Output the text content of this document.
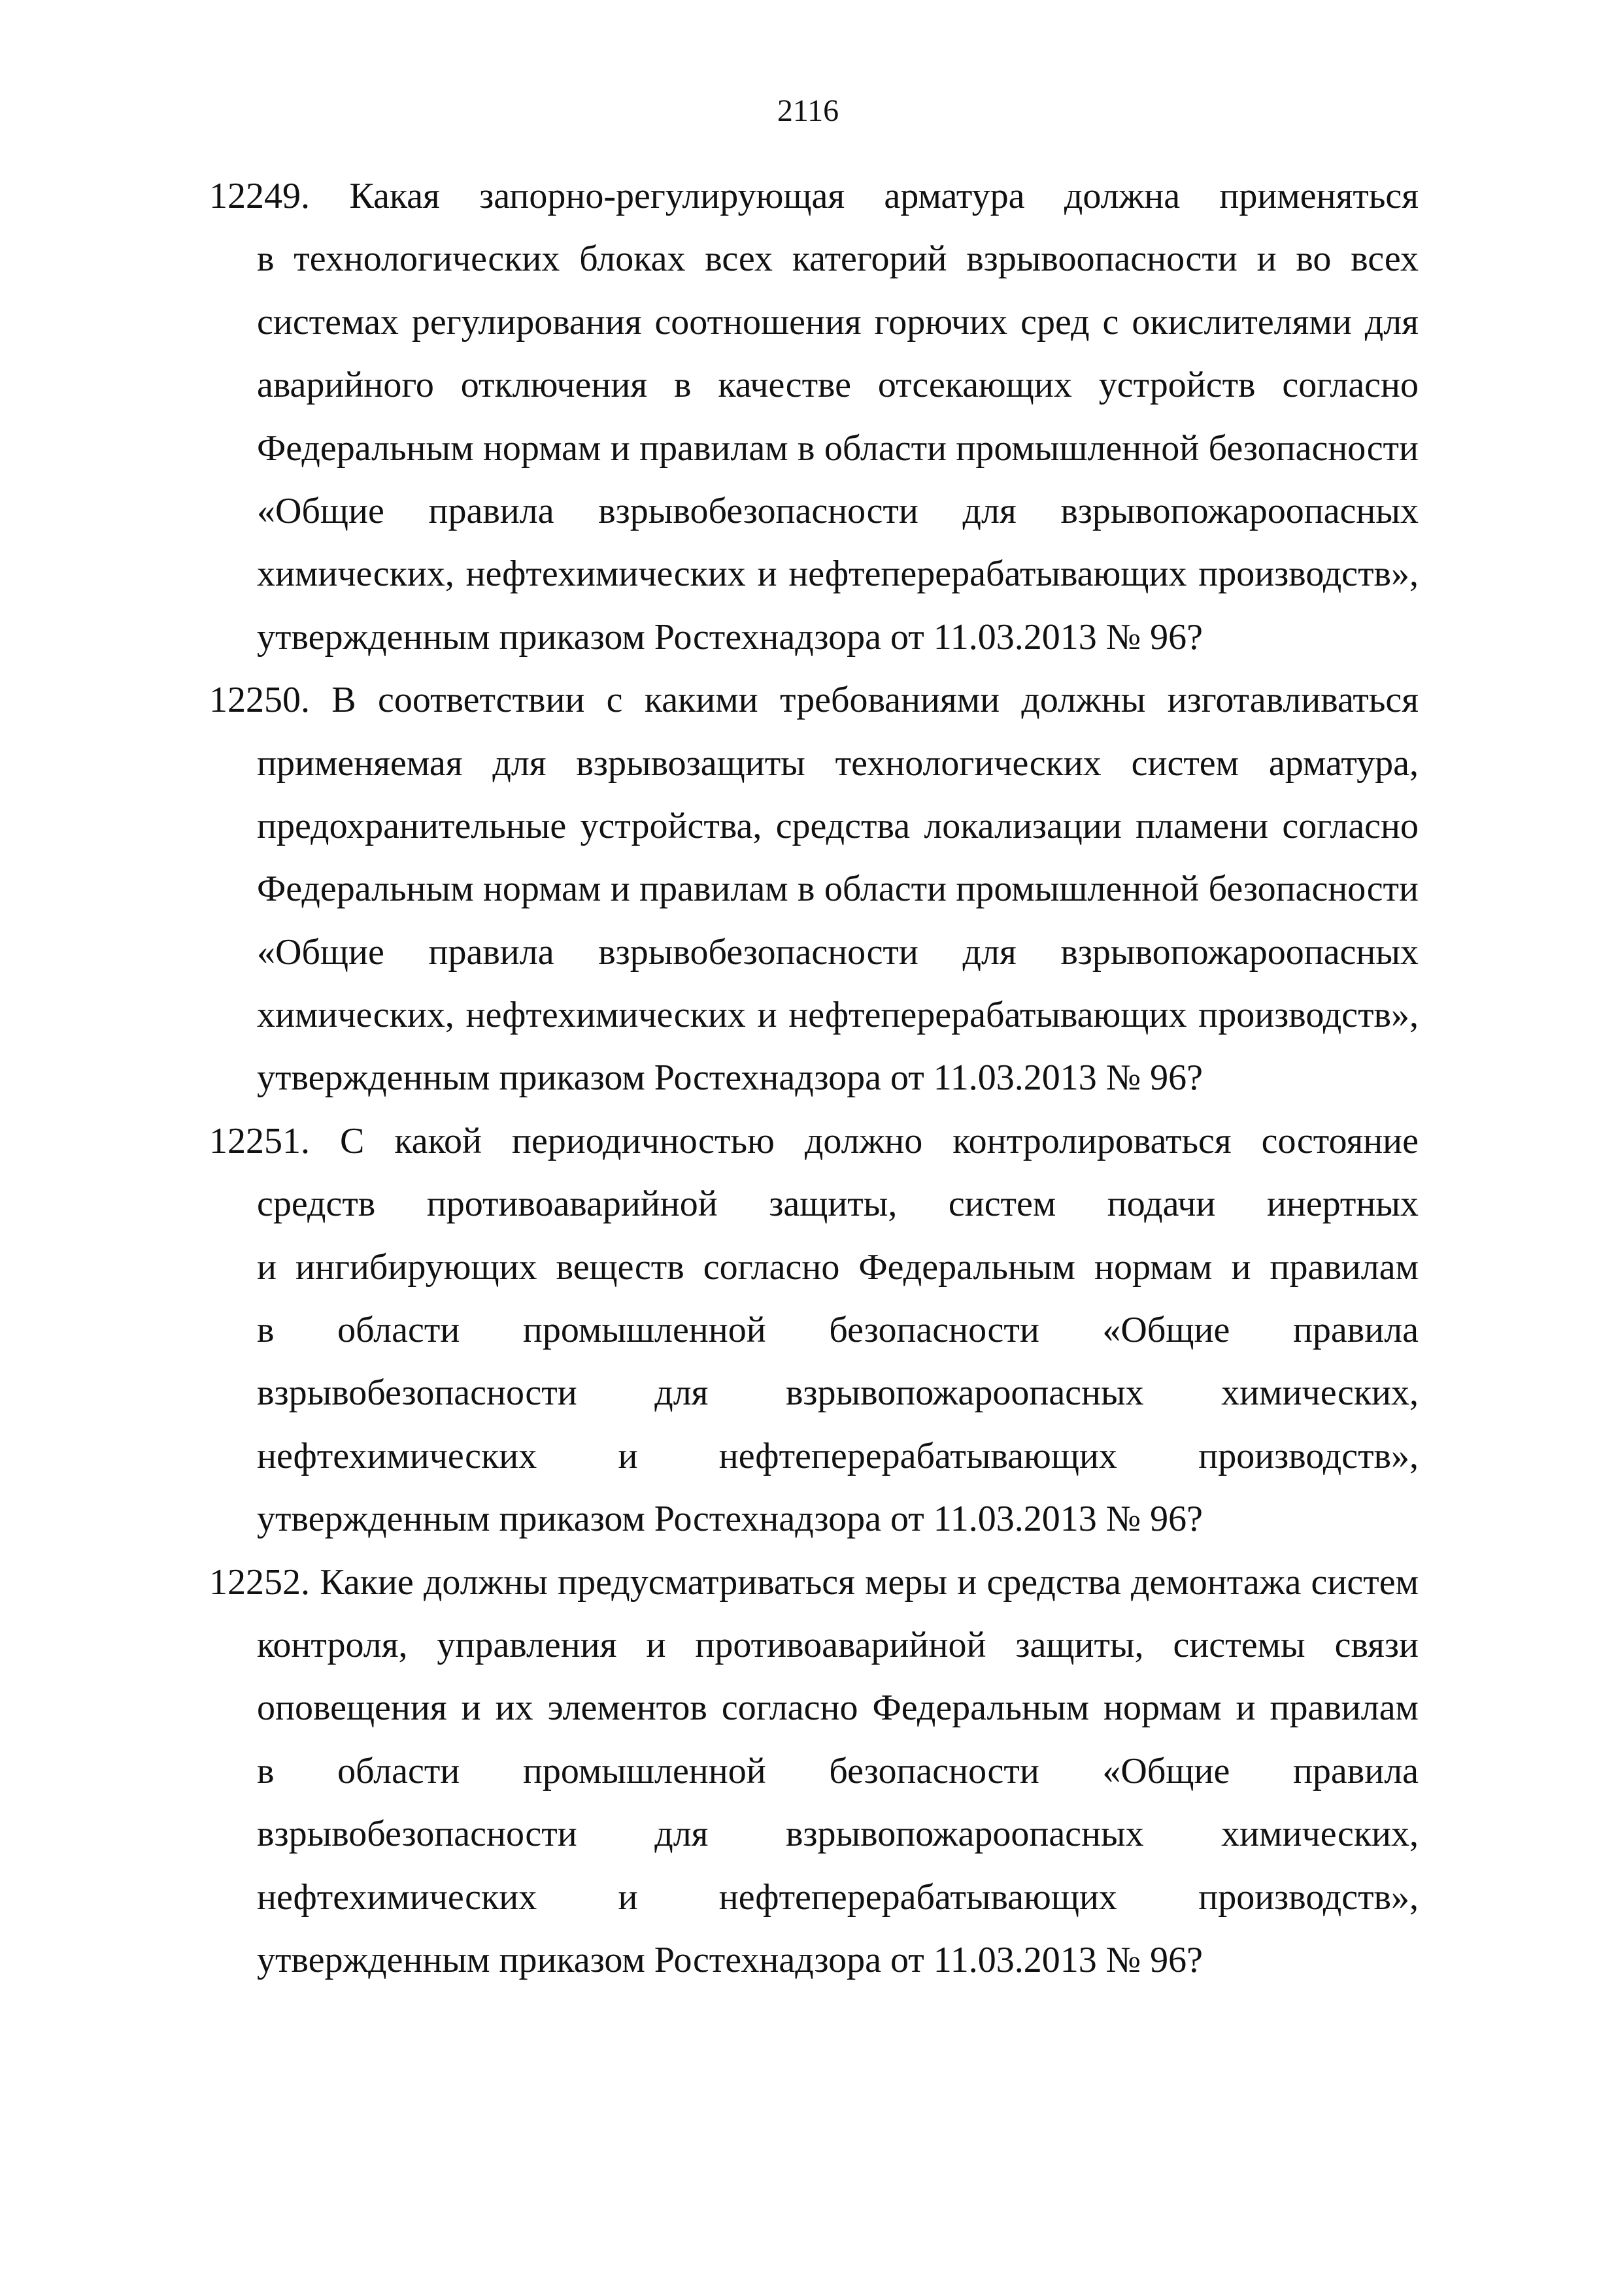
2116
12249. Какая запорно-регулирующая арматура должна применяться
в технологических блоках всех категорий взрывоопасности и во всех
системах регулирования соотношения горючих сред с окислителями для
аварийного отключения в качестве отсекающих устройств согласно
Федеральным нормам и правилам в области промышленной безопасности
«Общие правила взрывобезопасности для взрывопожароопасных
химических, нефтехимических и нефтеперерабатывающих производств»,
утвержденным приказом Ростехнадзора от 11.03.2013 № 96?
12250. В соответствии с какими требованиями должны изготавливаться
применяемая для взрывозащиты технологических систем арматура,
предохранительные устройства, средства локализации пламени согласно
Федеральным нормам и правилам в области промышленной безопасности
«Общие правила взрывобезопасности для взрывопожароопасных
химических, нефтехимических и нефтеперерабатывающих производств»,
утвержденным приказом Ростехнадзора от 11.03.2013 № 96?
12251. С какой периодичностью должно контролироваться состояние
средств противоаварийной защиты, систем подачи инертных
и ингибирующих веществ согласно Федеральным нормам и правилам
в области промышленной безопасности «Общие правила
взрывобезопасности для взрывопожароопасных химических,
нефтехимических и нефтеперерабатывающих производств»,
утвержденным приказом Ростехнадзора от 11.03.2013 № 96?
12252. Какие должны предусматриваться меры и средства демонтажа систем
контроля, управления и противоаварийной защиты, системы связи
оповещения и их элементов согласно Федеральным нормам и правилам
в области промышленной безопасности «Общие правила
взрывобезопасности для взрывопожароопасных химических,
нефтехимических и нефтеперерабатывающих производств»,
утвержденным приказом Ростехнадзора от 11.03.2013 № 96?
